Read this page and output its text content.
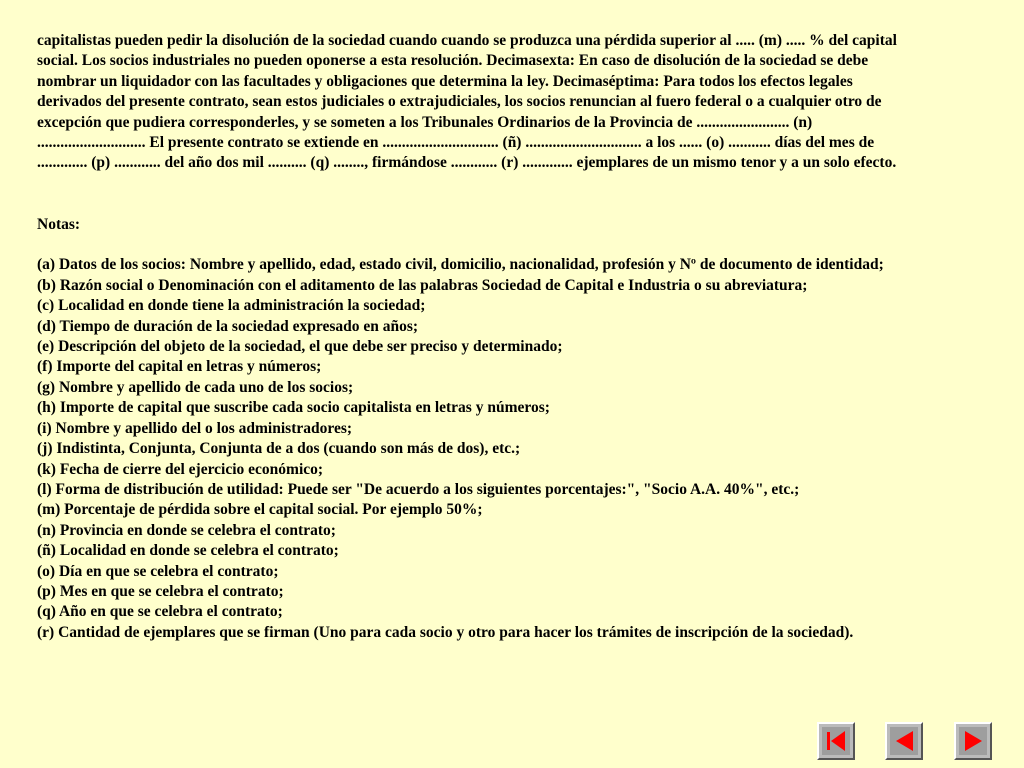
capitalistas pueden pedir la disolución de la sociedad cuando cuando se produzca una pérdida superior al ..... (m) ..... % del capital

social. Los socios industriales no pueden oponerse a esta resolución. Decimasexta: En caso de disolución de la sociedad se debe

nombrar un liquidador con las facultades y obligaciones que determina la ley. Decimaséptima: Para todos los efectos legales

derivados del presente contrato, sean estos judiciales o extrajudiciales, los socios renuncian al fuero federal o a cualquier otro de

excepción que pudiera corresponderles, y se someten a los Tribunales Ordinarios de la Provincia de ........................ (n)

............................ El presente contrato se extiende en .............................. (ñ) .............................. a los ...... (o) ........... días del mes de

............. (p) ............ del año dos mil .......... (q) ........, firmándose ............ (r) ............. ejemplares de un mismo tenor y a un solo efecto.

Notas:
(a) Datos de los socios: Nombre y apellido, edad, estado civil, domicilio, nacionalidad, profesión y Nº de documento de identidad;
(b) Razón social o Denominación con el aditamento de las palabras Sociedad de Capital e Industria o su abreviatura;
(c) Localidad en donde tiene la administración la sociedad;
(d) Tiempo de duración de la sociedad expresado en años;
(e) Descripción del objeto de la sociedad, el que debe ser preciso y determinado;
(f) Importe del capital en letras y números;
(g) Nombre y apellido de cada uno de los socios;
(h) Importe de capital que suscribe cada socio capitalista en letras y números;
(i) Nombre y apellido del o los administradores;
(j) Indistinta, Conjunta, Conjunta de a dos (cuando son más de dos), etc.;
(k) Fecha de cierre del ejercicio económico;
(l) Forma de distribución de utilidad: Puede ser "De acuerdo a los siguientes porcentajes:", "Socio A.A. 40%", etc.;
(m) Porcentaje de pérdida sobre el capital social. Por ejemplo 50%;
(n) Provincia en donde se celebra el contrato;
(ñ) Localidad en donde se celebra el contrato;
(o) Día en que se celebra el contrato;
(p) Mes en que se celebra el contrato;
(q) Año en que se celebra el contrato;
(r) Cantidad de ejemplares que se firman (Uno para cada socio y otro para hacer los trámites de inscripción de la sociedad).
